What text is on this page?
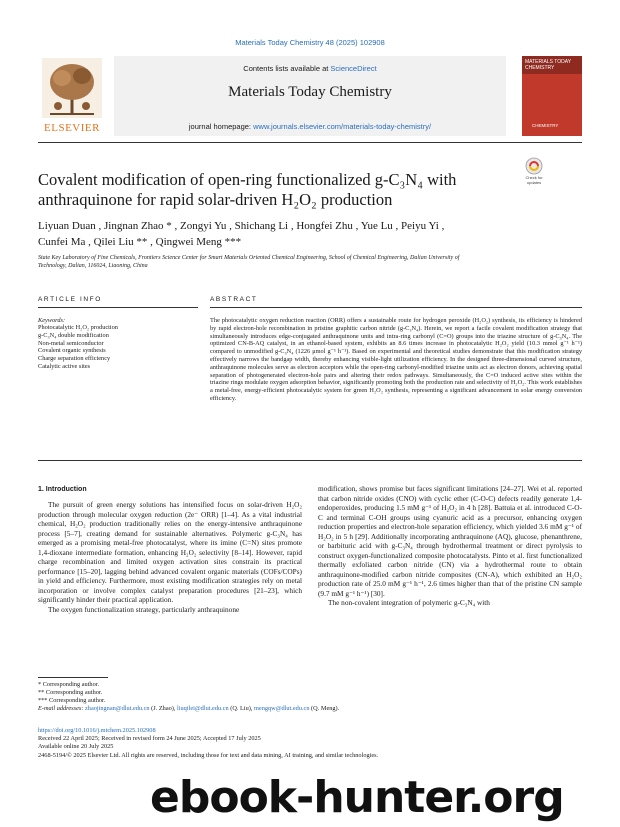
Materials Today Chemistry 48 (2025) 102908
ELSEVIER
Contents lists available at ScienceDirect
Materials Today Chemistry
journal homepage: www.journals.elsevier.com/materials-today-chemistry/
MATERIALS TODAY CHEMISTRY
CHEMISTRY
Covalent modification of open-ring functionalized g-C₃N₄ with
anthraquinone for rapid solar-driven H₂O₂ production
Check for updates
Liyuan Duan , Jingnan Zhao * , Zongyi Yu , Shichang Li , Hongfei Zhu , Yue Lu , Peiyu Yi ,
Cunfei Ma , Qilei Liu ** , Qingwei Meng ***
State Key Laboratory of Fine Chemicals, Frontiers Science Center for Smart Materials Oriented Chemical Engineering, School of Chemical Engineering, Dalian University of Technology, Dalian, 116024, Liaoning, China
ARTICLE INFO	ABSTRACT
Keywords:
Photocatalytic H₂O₂ production
g-C₃N₄ double modification
Non-metal semiconductor
Covalent organic synthesis
Charge separation efficiency
Catalytic active sites
The photocatalytic oxygen reduction reaction (ORR) offers a sustainable route for hydrogen peroxide (H₂O₂) synthesis, its efficiency is hindered by rapid electron-hole recombination in pristine graphitic carbon nitride (g-C₃N₄). Herein, we report a facile covalent modification strategy that simultaneously introduces edge-conjugated anthraquinone units and intra-ring carbonyl (C=O) groups into the triazine structure of g-C₃N₄. The optimized CN-B-AQ catalyst, in an ethanol-based system, exhibits an 8.6 times increase in photocatalytic H₂O₂ yield (10.3 mmol g⁻¹ h⁻¹) compared to unmodified g-C₃N₄ (1226 μmol g⁻¹ h⁻¹). Based on experimental and theoretical studies demonstrate that this modification strategy effectively narrows the bandgap width, thereby enhancing visible-light utilization efficiency. In the designed three-dimensional curved structure, anthraquinone molecules serve as electron acceptors while the open-ring carbonyl-modified triazine units act as electron donors, achieving spatial separation of photogenerated electron-hole pairs and altering their redox pathways. Simultaneously, the C=O induced active sites within the triazine rings modulate oxygen adsorption behavior, significantly promoting both the production rate and selectivity of H₂O₂. This work establishes a metal-free, energy-efficient photocatalytic system for green H₂O₂ synthesis, representing a significant advancement in solar energy conversion efficiency.
1. Introduction

The pursuit of green energy solutions has intensified focus on solar-driven H₂O₂ production through molecular oxygen reduction (2e⁻ ORR) [1–4]. As a vital industrial chemical, H₂O₂ production traditionally relies on the energy-intensive anthraquinone process [5–7], creating demand for sustainable alternatives. Polymeric g-C₃N₄ has emerged as a promising metal-free photocatalyst, where its imine (C=N) sites promote 1,4-dioxane intermediate formation, enhancing H₂O₂ selectivity [8–14]. However, rapid charge recombination and limited oxygen activation sites constrain its practical performance [15–20], lagging behind advanced covalent organic materials (COFs/COPs) in yield and efficiency. Furthermore, most existing modification strategies rely on metal incorporation or involve complex catalyst preparation procedures [21–23], which significantly hinder their practical application.

The oxygen functionalization strategy, particularly anthraquinone

modification, shows promise but faces significant limitations [24–27]. Wei et al. reported that carbon nitride oxides (CNO) with cyclic ether (C-O-C) defects readily generate 1,4-endoperoxides, producing 1.5 mM g⁻¹ of H₂O₂ in 4 h [28]. Battuia et al. introduced C-O-C and terminal C-OH groups using cyanuric acid as a precursor, enhancing oxygen reduction properties and electron-hole separation efficiency, which yielded 3.6 mM g⁻¹ of H₂O₂ in 5 h [29]. Additionally incorporating anthraquinone (AQ), glucose, phenanthrene, or barbituric acid with g-C₃N₄ through hydrothermal treatment or direct pyrolysis to construct oxygen-functionalized composite photocatalysts. Pinto et al. first functionalized thermally exfoliated carbon nitride (CN) via a hydrothermal route to obtain anthraquinone-modified carbon nitride composites (CN-A), which exhibited an H₂O₂ production rate of 25.0 mM g⁻¹ h⁻¹, 2.6 times higher than that of the pristine CN sample (9.7 mM g⁻¹ h⁻¹) [30].

The non-covalent integration of polymeric g-C₃N₄ with

* Corresponding author.
** Corresponding author.
*** Corresponding author.
E-mail addresses: zhaojingnan@dlut.edu.cn (J. Zhao), liuqilei@dlut.edu.cn (Q. Liu), mengqw@dlut.edu.cn (Q. Meng).
https://doi.org/10.1016/j.mtchem.2025.102908
Received 22 April 2025; Received in revised form 24 June 2025; Accepted 17 July 2025
Available online 20 July 2025
2468-5194/© 2025 Elsevier Ltd. All rights are reserved, including those for text and data mining, AI training, and similar technologies.
ebook-hunter.org
